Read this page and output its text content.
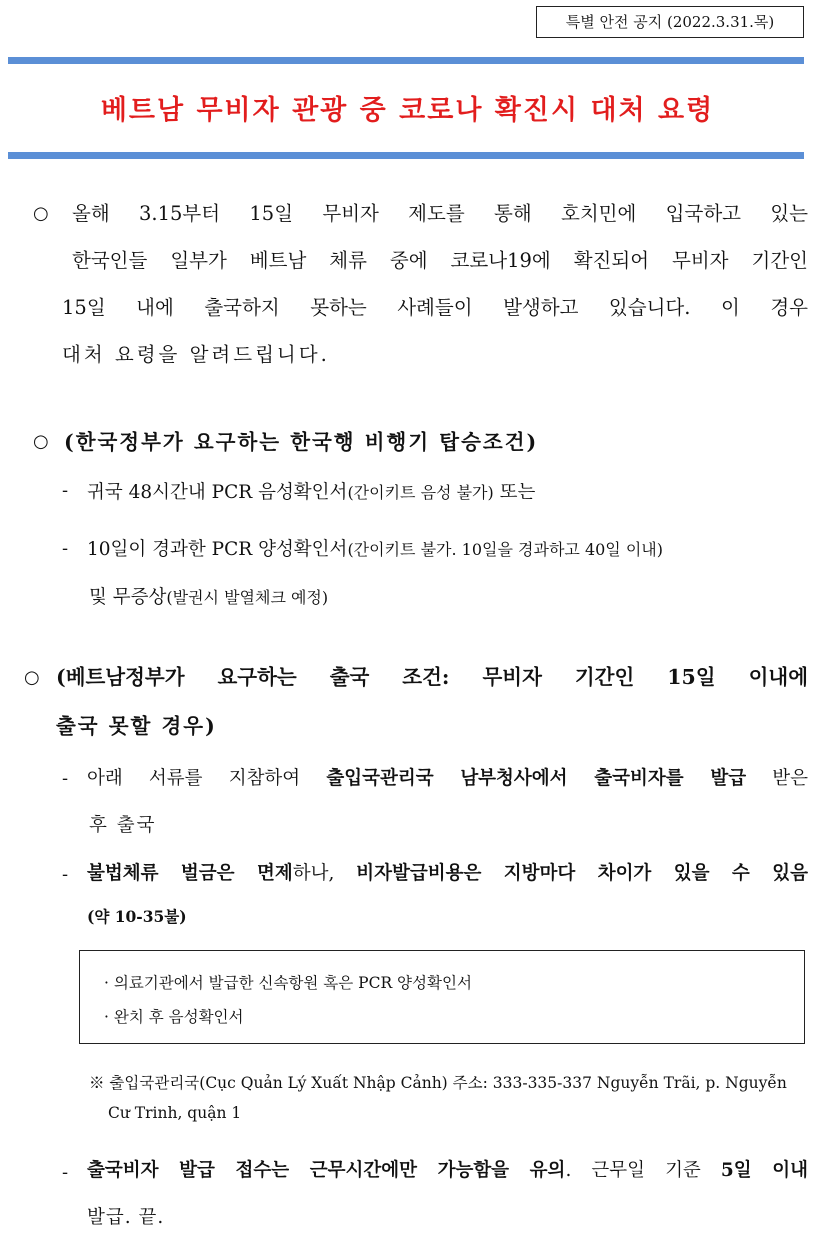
특별 안전 공지 (2022.3.31.목)
베트남 무비자 관광 중 코로나 확진시 대처 요령
○ 올해 3.15부터 15일 무비자 제도를 통해 호치민에 입국하고 있는
한국인들 일부가 베트남 체류 중에 코로나19에 확진되어 무비자 기간인
15일 내에 출국하지 못하는 사례들이 발생하고 있습니다. 이 경우
대처 요령을 알려드립니다.
○ (한국정부가 요구하는 한국행 비행기 탑승조건)
- 귀국 48시간내 PCR 음성확인서(간이키트 음성 불가) 또는
- 10일이 경과한 PCR 양성확인서(간이키트 불가. 10일을 경과하고 40일 이내)
및 무증상(발권시 발열체크 예정)
○ (베트남정부가 요구하는 출국 조건: 무비자 기간인 15일 이내에
출국 못할 경우)
- 아래 서류를 지참하여 출입국관리국 남부청사에서 출국비자를 발급 받은
후 출국
- 불법체류 벌금은 면제하나, 비자발급비용은 지방마다 차이가 있을 수 있음
(약 10-35불)
· 의료기관에서 발급한 신속항원 혹은 PCR 양성확인서
· 완치 후 음성확인서
※ 출입국관리국(Cục Quản Lý Xuất Nhập Cảnh) 주소: 333-335-337 Nguyễn Trãi, p. Nguyễn
Cư Trinh, quận 1
- 출국비자 발급 접수는 근무시간에만 가능함을 유의. 근무일 기준 5일 이내
발급. 끝.
